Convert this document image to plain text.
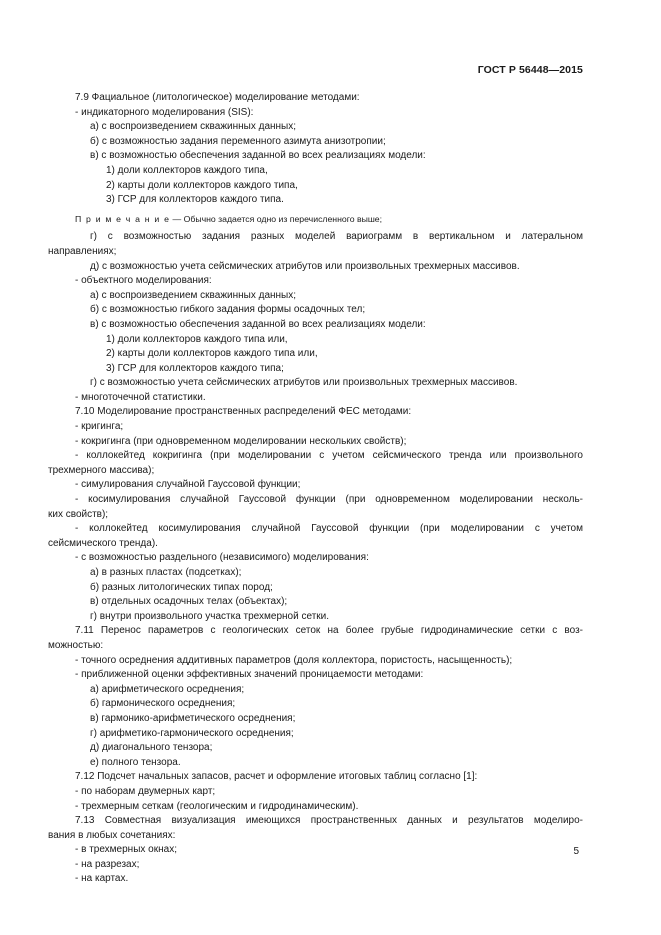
ГОСТ Р 56448—2015

7.9 Фациальное (литологическое) моделирование методами:

- индикаторного моделирования (SIS):

а) с воспроизведением скважинных данных;

б) с возможностью задания переменного азимута анизотропии;

в) с возможностью обеспечения заданной во всех реализациях модели:

1) доли коллекторов каждого типа,

2) карты доли коллекторов каждого типа,

3) ГСР для коллекторов каждого типа.

П р и м е ч а н и е — Обычно задается одно из перечисленного выше;

г) с возможностью задания разных моделей вариограмм в вертикальном и латеральном

направлениях;

д) с возможностью учета сейсмических атрибутов или произвольных трехмерных массивов.

- объектного моделирования:

а) с воспроизведением скважинных данных;

б) с возможностью гибкого задания формы осадочных тел;

в) с возможностью обеспечения заданной во всех реализациях модели:

1) доли коллекторов каждого типа или,

2) карты доли коллекторов каждого типа или,

3) ГСР для коллекторов каждого типа;

г) с возможностью учета сейсмических атрибутов или произвольных трехмерных массивов.

- многоточечной статистики.

7.10 Моделирование пространственных распределений ФЕС методами:

- кригинга;

- кокригинга (при одновременном моделировании нескольких свойств);

- коллокейтед кокригинга (при моделировании с учетом сейсмического тренда или произвольного

трехмерного массива);

- симулирования случайной Гауссовой функции;

- косимулирования случайной Гауссовой функции (при одновременном моделировании несколь-

ких свойств);

- коллокейтед косимулирования случайной Гауссовой функции (при моделировании с учетом

сейсмического тренда).

- с возможностью раздельного (независимого) моделирования:

а) в разных пластах (подсетках);

б) разных литологических типах пород;

в) отдельных осадочных телах (объектах);

г) внутри произвольного участка трехмерной сетки.

7.11 Перенос параметров с геологических сеток на более грубые гидродинамические сетки с воз-

можностью:

- точного осреднения аддитивных параметров (доля коллектора, пористость, насыщенность);

- приближенной оценки эффективных значений проницаемости методами:

а) арифметического осреднения;

б) гармонического осреднения;

в) гармонико-арифметического осреднения;

г) арифметико-гармонического осреднения;

д) диагонального тензора;

е) полного тензора.

7.12 Подсчет начальных запасов, расчет и оформление итоговых таблиц согласно [1]:

- по наборам двумерных карт;

- трехмерным сеткам (геологическим и гидродинамическим).

7.13 Совместная визуализация имеющихся пространственных данных и результатов моделиро-

вания в любых сочетаниях:

- в трехмерных окнах;

- на разрезах;

- на картах.

5
